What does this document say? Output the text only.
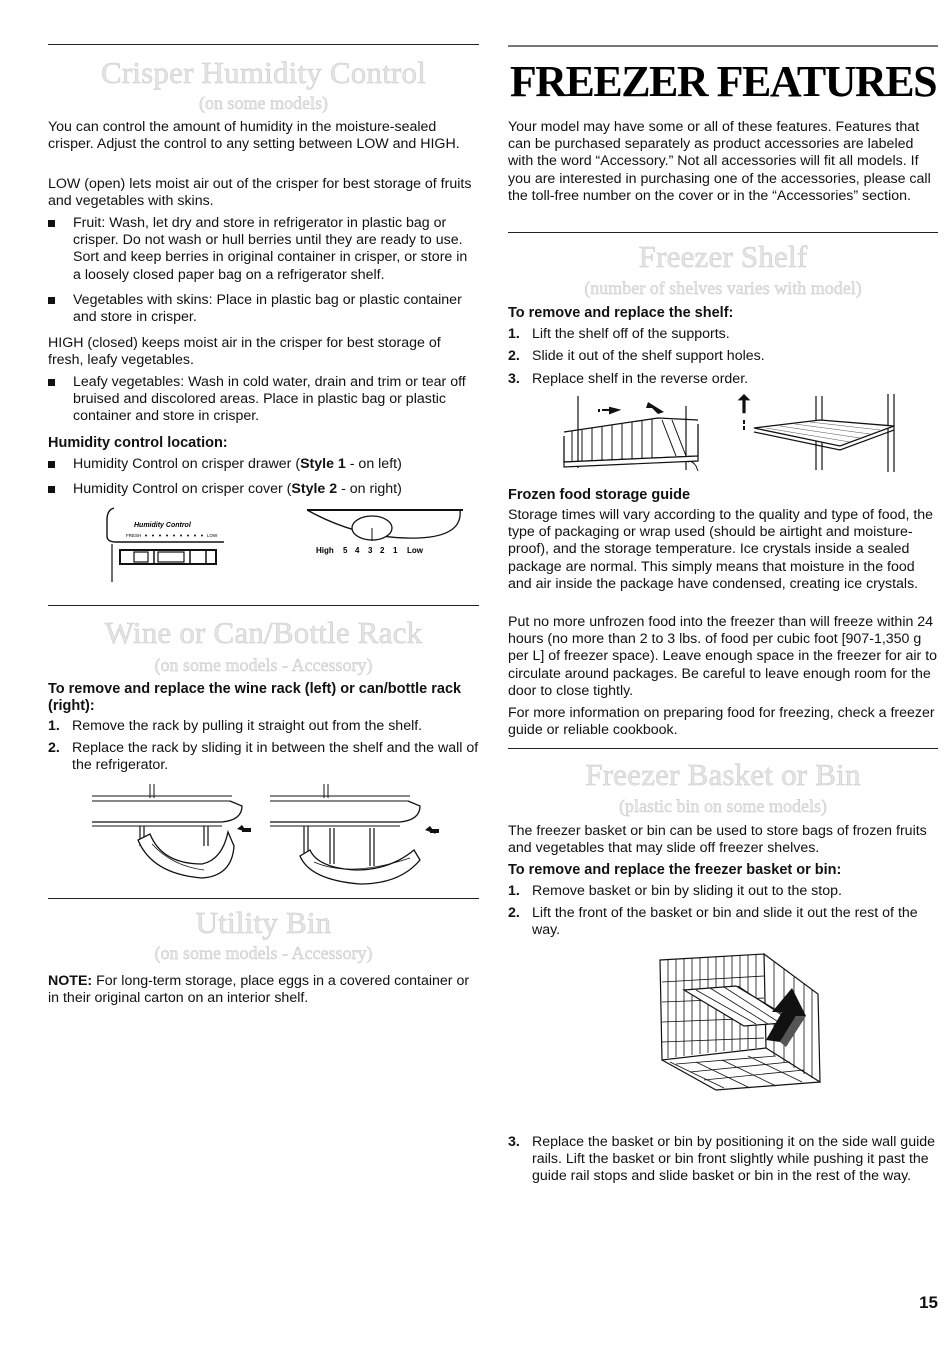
Crisper Humidity Control
(on some models)

You can control the amount of humidity in the moisture-sealed crisper. Adjust the control to any setting between LOW and HIGH.

LOW (open) lets moist air out of the crisper for best storage of fruits and vegetables with skins.

Fruit: Wash, let dry and store in refrigerator in plastic bag or crisper. Do not wash or hull berries until they are ready to use. Sort and keep berries in original container in crisper, or store in a loosely closed paper bag on a refrigerator shelf.
Vegetables with skins: Place in plastic bag or plastic container and store in crisper.

HIGH (closed) keeps moist air in the crisper for best storage of fresh, leafy vegetables.

Leafy vegetables: Wash in cold water, drain and trim or tear off bruised and discolored areas. Place in plastic bag or plastic container and store in crisper.

Humidity control location:

Humidity Control on crisper drawer (Style 1 - on left)
Humidity Control on crisper cover (Style 2 - on right)
Humidity Control
FRESH	LOW
High 5 4 3 2 1 Low
Wine or Can/Bottle Rack
(on some models - Accessory)

To remove and replace the wine rack (left) or can/bottle rack (right):

1. Remove the rack by pulling it straight out from the shelf.
2. Replace the rack by sliding it in between the shelf and the wall of the refrigerator.
Utility Bin
(on some models - Accessory)

NOTE: For long-term storage, place eggs in a covered container or in their original carton on an interior shelf.

FREEZER FEATURES

Your model may have some or all of these features. Features that can be purchased separately as product accessories are labeled with the word “Accessory.” Not all accessories will fit all models. If you are interested in purchasing one of the accessories, please call the toll-free number on the cover or in the “Accessories” section.

Freezer Shelf
(number of shelves varies with model)

To remove and replace the shelf:

1. Lift the shelf off of the supports.
2. Slide it out of the shelf support holes.
3. Replace shelf in the reverse order.

Frozen food storage guide

Storage times will vary according to the quality and type of food, the type of packaging or wrap used (should be airtight and moisture-proof), and the storage temperature. Ice crystals inside a sealed package are normal. This simply means that moisture in the food and air inside the package have condensed, creating ice crystals.

Put no more unfrozen food into the freezer than will freeze within 24 hours (no more than 2 to 3 lbs. of food per cubic foot [907-1,350 g per L] of freezer space). Leave enough space in the freezer for air to circulate around packages. Be careful to leave enough room for the door to close tightly.

For more information on preparing food for freezing, check a freezer guide or reliable cookbook.

Freezer Basket or Bin
(plastic bin on some models)

The freezer basket or bin can be used to store bags of frozen fruits and vegetables that may slide off freezer shelves.

To remove and replace the freezer basket or bin:

1. Remove basket or bin by sliding it out to the stop.
2. Lift the front of the basket or bin and slide it out the rest of the way.
3. Replace the basket or bin by positioning it on the side wall guide rails. Lift the basket or bin front slightly while pushing it past the guide rail stops and slide basket or bin in the rest of the way.
15
